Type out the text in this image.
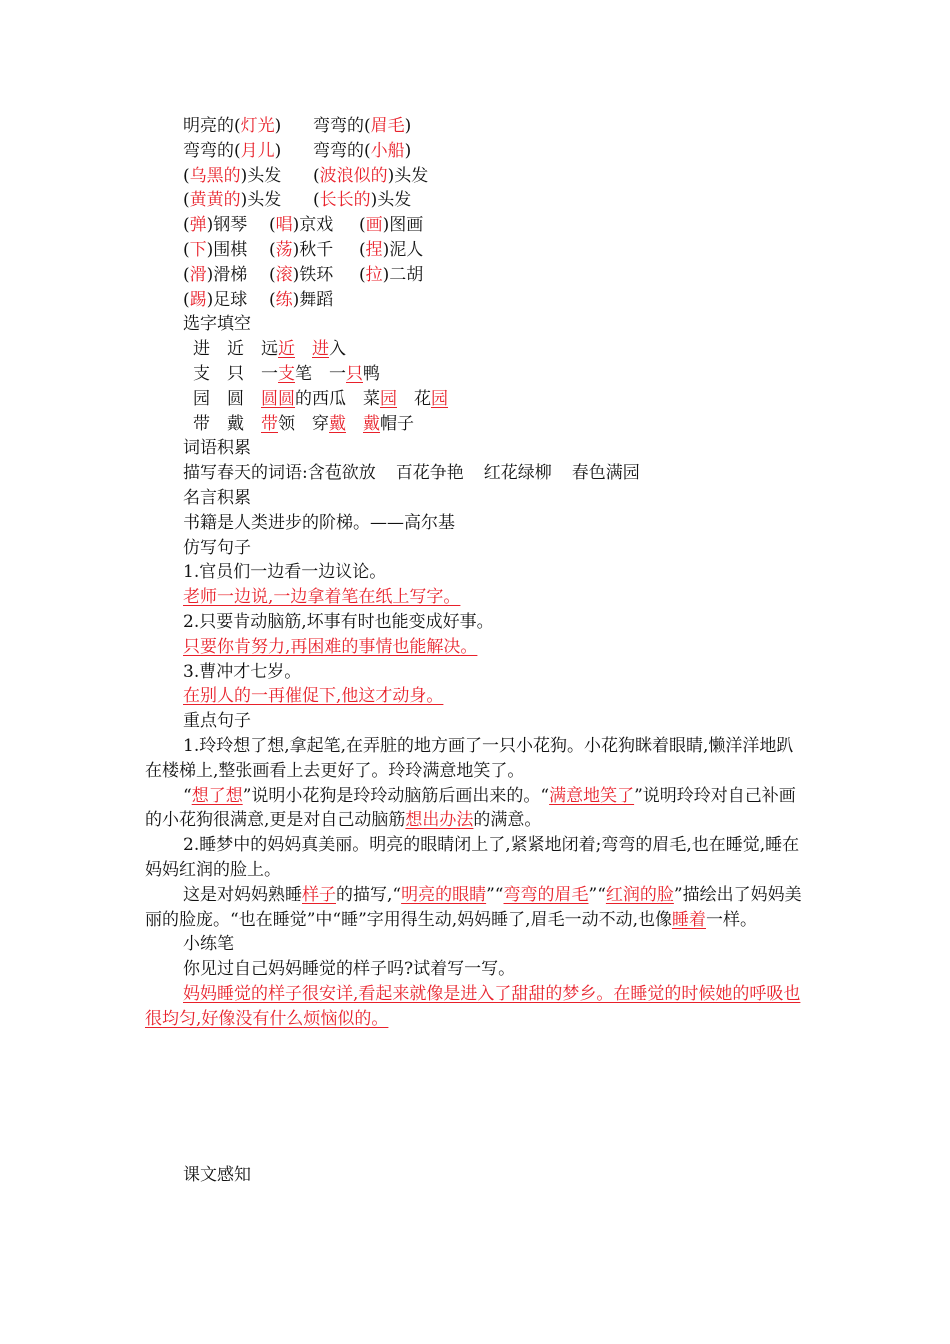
明亮的(灯光) 弯弯的(眉毛)
弯弯的(月儿) 弯弯的(小船)
(乌黑的)头发 (波浪似的)头发
(黄黄的)头发 (长长的)头发
(弹)钢琴 (唱)京戏 (画)图画
(下)围棋 (荡)秋千 (捏)泥人
(滑)滑梯 (滚)铁环 (拉)二胡
(踢)足球 (练)舞蹈
选字填空
进　近　远近　 进入
支　只　一支笔　 一只鸭
园　圆　 圆圆的西瓜　 菜园　 花园
带　戴　 带领　 穿戴　 戴帽子
词语积累
描写春天的词语:含苞欲放 百花争艳 红花绿柳 春色满园
名言积累
书籍是人类进步的阶梯。——高尔基
仿写句子
1.官员们一边看一边议论。
老师一边说,一边拿着笔在纸上写字。
2.只要肯动脑筋,坏事有时也能变成好事。
只要你肯努力,再困难的事情也能解决。
3.曹冲才七岁。
在别人的一再催促下,他这才动身。
重点句子
1.玲玲想了想,拿起笔,在弄脏的地方画了一只小花狗。小花狗眯着眼睛,懒洋洋地趴在楼梯上,整张画看上去更好了。玲玲满意地笑了。
“想了想”说明小花狗是玲玲动脑筋后画出来的。“满意地笑了”说明玲玲对自己补画的小花狗很满意,更是对自己动脑筋想出办法的满意。
2.睡梦中的妈妈真美丽。明亮的眼睛闭上了,紧紧地闭着;弯弯的眉毛,也在睡觉,睡在妈妈红润的脸上。
这是对妈妈熟睡样子的描写,“明亮的眼睛”“弯弯的眉毛”“红润的脸”描绘出了妈妈美丽的脸庞。“也在睡觉”中“睡”字用得生动,妈妈睡了,眉毛一动不动,也像睡着一样。
小练笔
你见过自己妈妈睡觉的样子吗?试着写一写。
妈妈睡觉的样子很安详,看起来就像是进入了甜甜的梦乡。在睡觉的时候她的呼吸也很均匀,好像没有什么烦恼似的。
课文感知
